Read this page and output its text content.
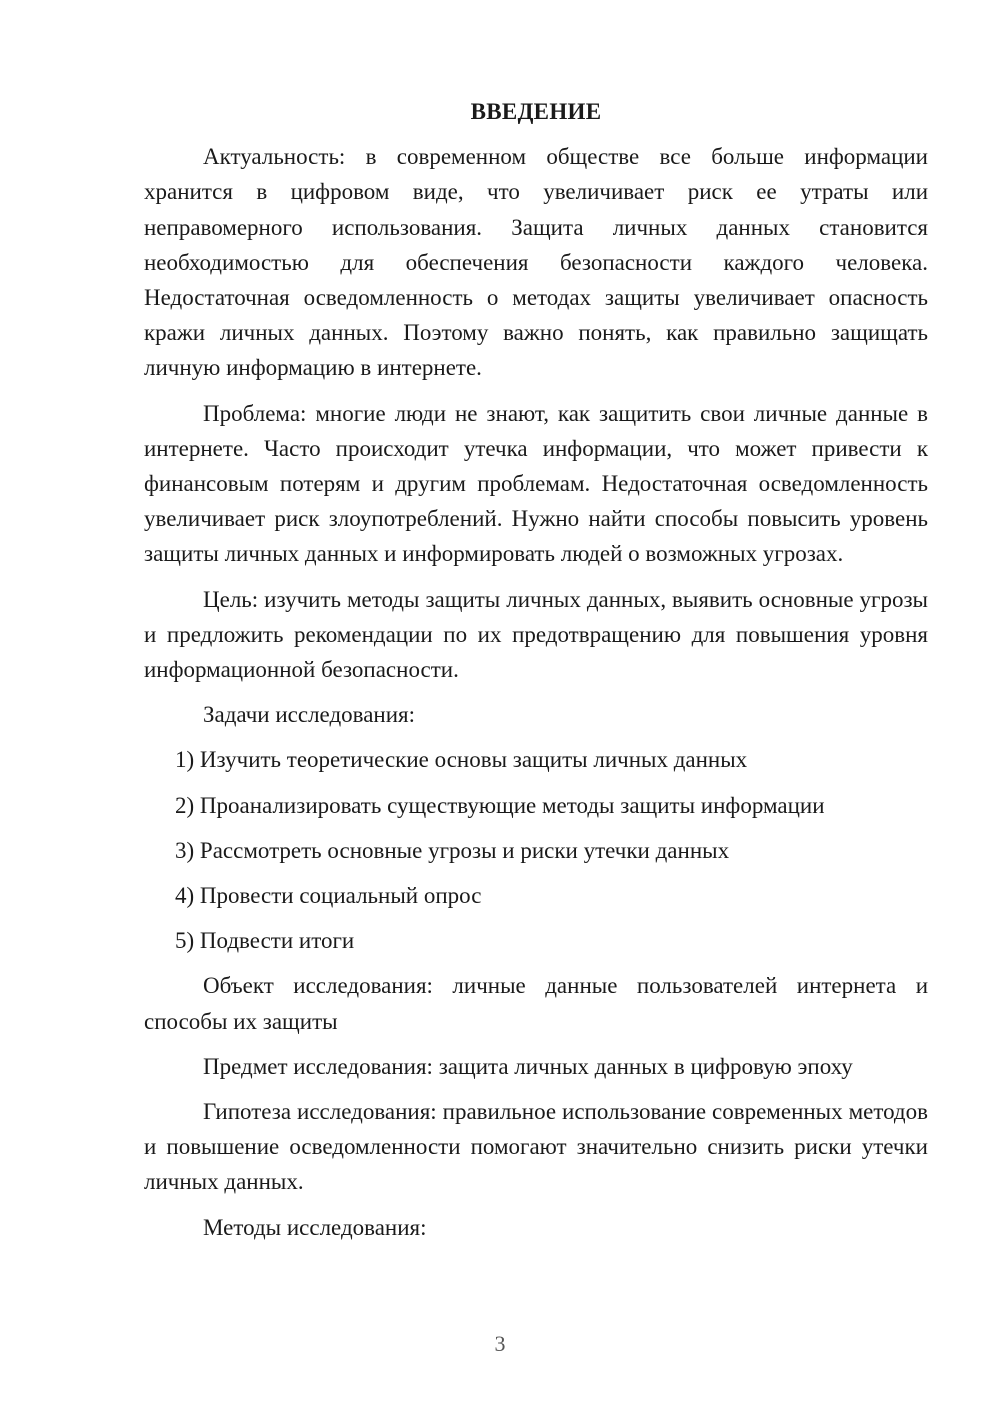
ВВЕДЕНИЕ
Актуальность: в современном обществе все больше информации хранится в цифровом виде, что увеличивает риск ее утраты или неправомерного использования. Защита личных данных становится необходимостью для обеспечения безопасности каждого человека. Недостаточная осведомленность о методах защиты увеличивает опасность кражи личных данных. Поэтому важно понять, как правильно защищать личную информацию в интернете.
Проблема: многие люди не знают, как защитить свои личные данные в интернете. Часто происходит утечка информации, что может привести к финансовым потерям и другим проблемам. Недостаточная осведомленность увеличивает риск злоупотреблений. Нужно найти способы повысить уровень защиты личных данных и информировать людей о возможных угрозах.
Цель: изучить методы защиты личных данных, выявить основные угрозы и предложить рекомендации по их предотвращению для повышения уровня информационной безопасности.
Задачи исследования:
1) Изучить теоретические основы защиты личных данных
2) Проанализировать существующие методы защиты информации
3) Рассмотреть основные угрозы и риски утечки данных
4) Провести социальный опрос
5) Подвести итоги
Объект исследования: личные данные пользователей интернета и способы их защиты
Предмет исследования: защита личных данных в цифровую эпоху
Гипотеза исследования: правильное использование современных методов и повышение осведомленности помогают значительно снизить риски утечки личных данных.
Методы исследования:
3
